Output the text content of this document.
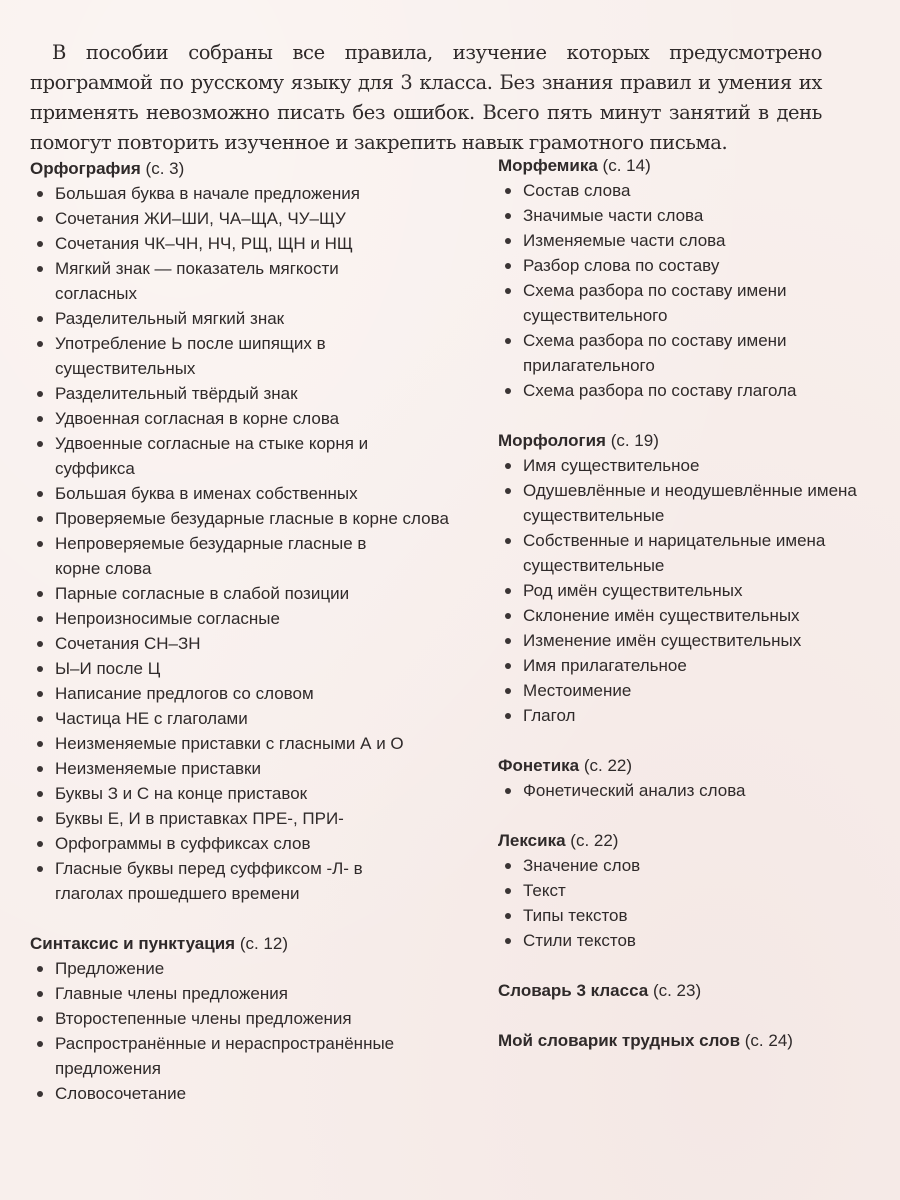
В пособии собраны все правила, изучение которых предусмотрено программой по русскому языку для 3 класса. Без знания правил и умения их применять невозможно писать без ошибок. Всего пять минут занятий в день помогут повторить изученное и закрепить навык грамотного письма.

Орфография (с. 3)

Большая буква в начале предложения
Сочетания ЖИ–ШИ, ЧА–ЩА, ЧУ–ЩУ
Сочетания ЧК–ЧН, НЧ, РЩ, ЩН и НЩ
Мягкий знак — показатель мягкости согласных
Разделительный мягкий знак
Употребление Ь после шипящих в существительных
Разделительный твёрдый знак
Удвоенная согласная в корне слова
Удвоенные согласные на стыке корня и суффикса
Большая буква в именах собственных
Проверяемые безударные гласные в корне слова
Непроверяемые безударные гласные в корне слова
Парные согласные в слабой позиции
Непроизносимые согласные
Сочетания СН–ЗН
Ы–И после Ц
Написание предлогов со словом
Частица НЕ с глаголами
Неизменяемые приставки с гласными А и О
Неизменяемые приставки
Буквы З и С на конце приставок
Буквы Е, И в приставках ПРЕ-, ПРИ-
Орфограммы в суффиксах слов
Гласные буквы перед суффиксом -Л- в глаголах прошедшего времени

Синтаксис и пунктуация (с. 12)

Предложение
Главные члены предложения
Второстепенные члены предложения
Распространённые и нераспространённые предложения
Словосочетание

Морфемика (с. 14)

Состав слова
Значимые части слова
Изменяемые части слова
Разбор слова по составу
Схема разбора по составу имени существительного
Схема разбора по составу имени прилагательного
Схема разбора по составу глагола

Морфология (с. 19)

Имя существительное
Одушевлённые и неодушевлённые имена существительные
Собственные и нарицательные имена существительные
Род имён существительных
Склонение имён существительных
Изменение имён существительных
Имя прилагательное
Местоимение
Глагол

Фонетика (с. 22)

Фонетический анализ слова

Лексика (с. 22)

Значение слов
Текст
Типы текстов
Стили текстов

Словарь 3 класса (с. 23)

Мой словарик трудных слов (с. 24)
